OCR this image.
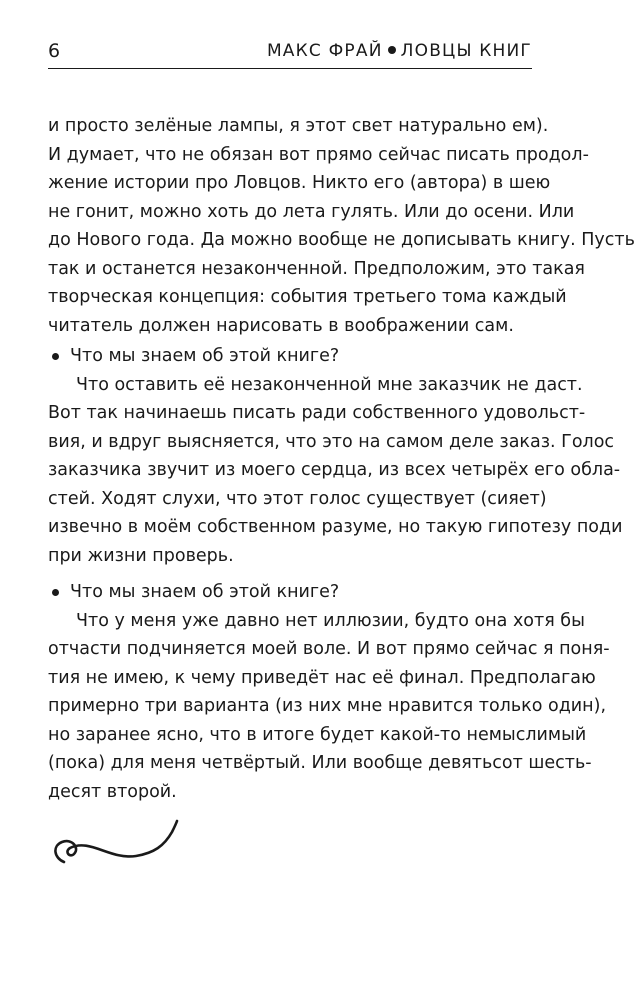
6	МАКС ФРАЙ ЛОВЦЫ КНИГ
и просто зелёные лампы, я этот свет натурально ем).
И думает, что не обязан вот прямо сейчас писать продол-
жение истории про Ловцов. Никто его (автора) в шею
не гонит, можно хоть до лета гулять. Или до осени. Или
до Нового года. Да можно вообще не дописывать книгу. Пусть
так и останется незаконченной. Предположим, это такая
творческая концепция: события третьего тома каждый
читатель должен нарисовать в воображении сам.
Что мы знаем об этой книге?
Что оставить её незаконченной мне заказчик не даст.
Вот так начинаешь писать ради собственного удовольст-
вия, и вдруг выясняется, что это на самом деле заказ. Голос
заказчика звучит из моего сердца, из всех четырёх его обла-
стей. Ходят слухи, что этот голос существует (сияет)
извечно в моём собственном разуме, но такую гипотезу поди
при жизни проверь.
Что мы знаем об этой книге?
Что у меня уже давно нет иллюзии, будто она хотя бы
отчасти подчиняется моей воле. И вот прямо сейчас я поня-
тия не имею, к чему приведёт нас её финал. Предполагаю
примерно три варианта (из них мне нравится только один),
но заранее ясно, что в итоге будет какой-то немыслимый
(пока) для меня четвёртый. Или вообще девятьсот шесть-
десят второй.
